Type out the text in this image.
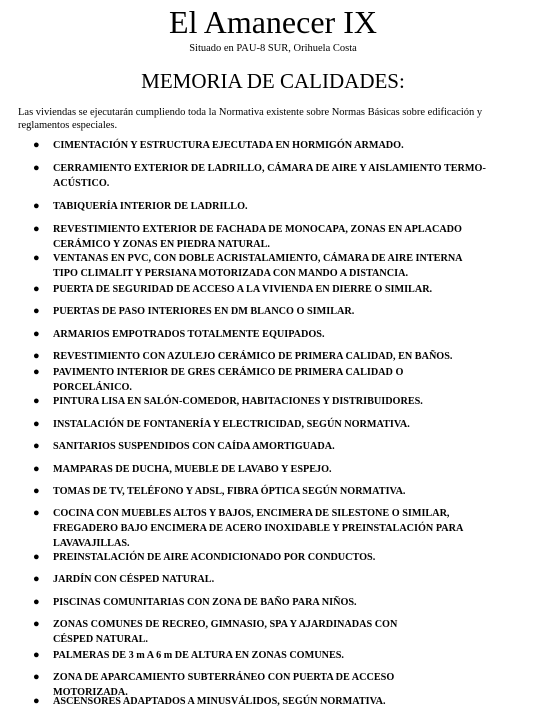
El Amanecer IX
Situado en PAU-8 SUR, Orihuela Costa
MEMORIA DE CALIDADES:
Las viviendas se ejecutarán cumpliendo toda la Normativa existente sobre Normas Básicas sobre edificación y
reglamentos especiales.
● CIMENTACIÓN Y ESTRUCTURA EJECUTADA EN HORMIGÓN ARMADO.
● CERRAMIENTO EXTERIOR DE LADRILLO, CÁMARA DE AIRE Y AISLAMIENTO TERMO-
ACÚSTICO.
● TABIQUERÍA INTERIOR DE LADRILLO.
● REVESTIMIENTO EXTERIOR DE FACHADA DE MONOCAPA, ZONAS EN APLACADO
CERÁMICO Y ZONAS EN PIEDRA NATURAL.
● VENTANAS EN PVC, CON DOBLE ACRISTALAMIENTO, CÁMARA DE AIRE INTERNA
TIPO CLIMALIT Y PERSIANA MOTORIZADA CON MANDO A DISTANCIA.
● PUERTA DE SEGURIDAD DE ACCESO A LA VIVIENDA EN DIERRE O SIMILAR.
● PUERTAS DE PASO INTERIORES EN DM BLANCO O SIMILAR.
● ARMARIOS EMPOTRADOS TOTALMENTE EQUIPADOS.
● REVESTIMIENTO CON AZULEJO CERÁMICO DE PRIMERA CALIDAD, EN BAÑOS.
● PAVIMENTO INTERIOR DE GRES CERÁMICO DE PRIMERA CALIDAD O
PORCELÁNICO.
● PINTURA LISA EN SALÓN-COMEDOR, HABITACIONES Y DISTRIBUIDORES.
● INSTALACIÓN DE FONTANERÍA Y ELECTRICIDAD, SEGÚN NORMATIVA.
● SANITARIOS SUSPENDIDOS CON CAÍDA AMORTIGUADA.
● MAMPARAS DE DUCHA, MUEBLE DE LAVABO Y ESPEJO.
● TOMAS DE TV, TELÉFONO Y ADSL, FIBRA ÓPTICA SEGÚN NORMATIVA.
● COCINA CON MUEBLES ALTOS Y BAJOS, ENCIMERA DE SILESTONE O SIMILAR,
FREGADERO BAJO ENCIMERA DE ACERO INOXIDABLE Y PREINSTALACIÓN PARA
LAVAVAJILLAS.
● PREINSTALACIÓN DE AIRE ACONDICIONADO POR CONDUCTOS.
● JARDÍN CON CÉSPED NATURAL.
● PISCINAS COMUNITARIAS CON ZONA DE BAÑO PARA NIÑOS.
● ZONAS COMUNES DE RECREO, GIMNASIO, SPA Y AJARDINADAS CON
CÉSPED NATURAL.
● PALMERAS DE 3 m A 6 m DE ALTURA EN ZONAS COMUNES.
● ZONA DE APARCAMIENTO SUBTERRÁNEO CON PUERTA DE ACCESO
MOTORIZADA.
● ASCENSORES ADAPTADOS A MINUSVÁLIDOS, SEGÚN NORMATIVA.
